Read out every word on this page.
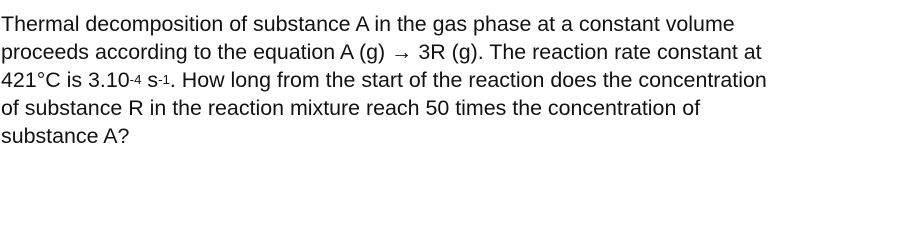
Thermal decomposition of substance A in the gas phase at a constant volume
proceeds according to the equation A (g) → 3R (g). The reaction rate constant at
421°C is $3.10^{-4}$ $s^{-1}$. How long from the start of the reaction does the concentration
of substance R in the reaction mixture reach 50 times the concentration of
substance A?
